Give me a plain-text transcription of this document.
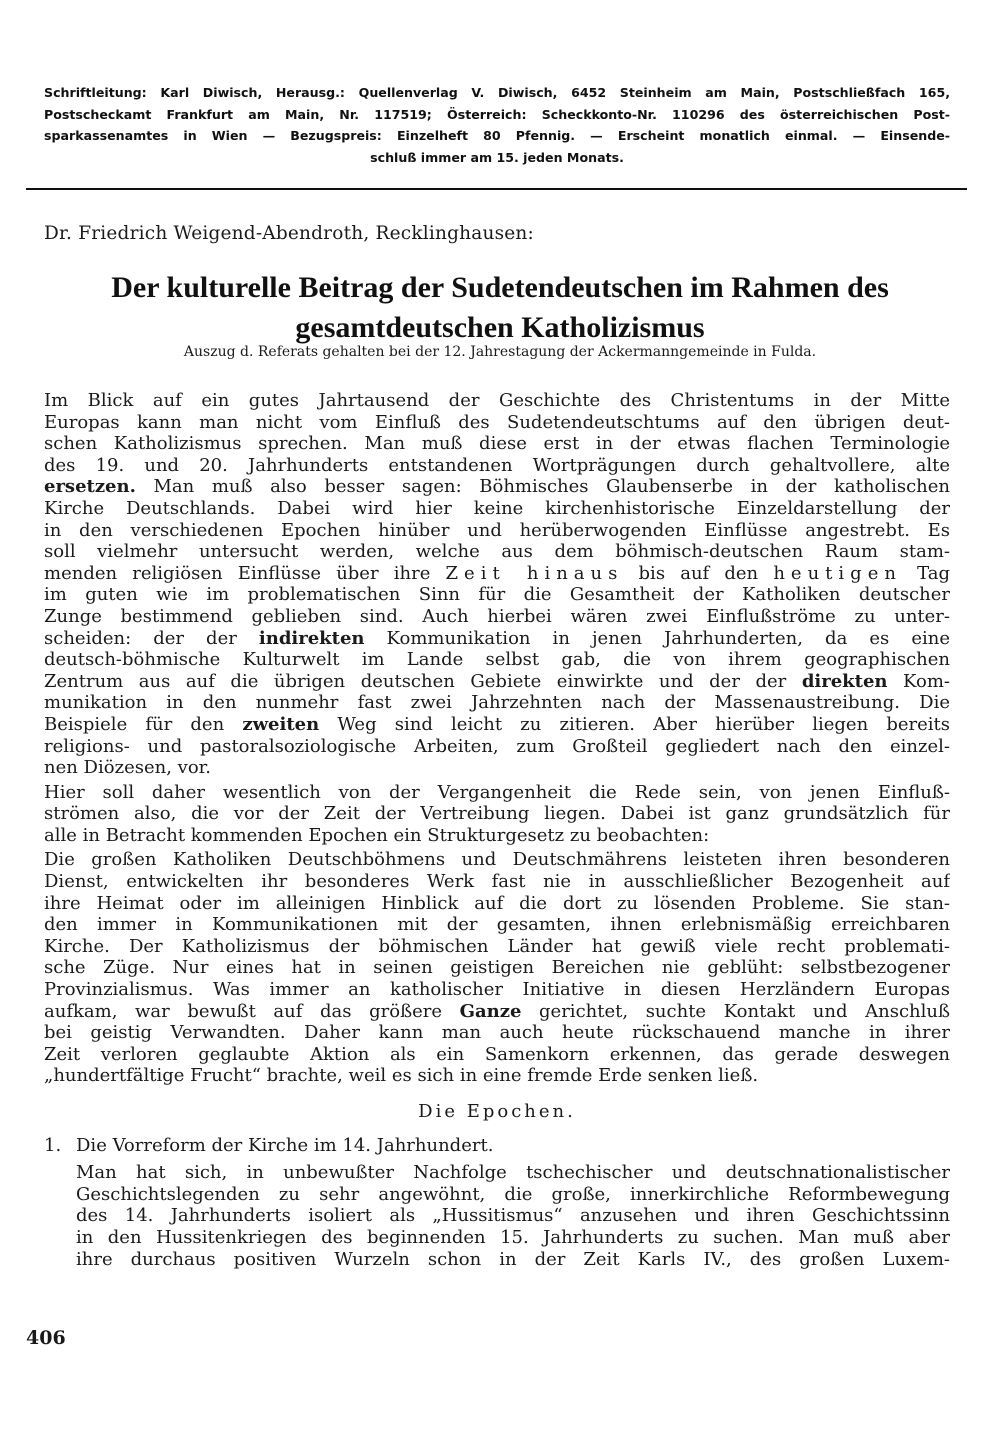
Schriftleitung: Karl Diwisch, Herausg.: Quellenverlag V. Diwisch, 6452 Steinheim am Main, Postschließfach 165,
Postscheckamt Frankfurt am Main, Nr. 117519; Österreich: Scheckkonto-Nr. 110296 des österreichischen Post-
sparkassenamtes in Wien — Bezugspreis: Einzelheft 80 Pfennig. — Erscheint monatlich einmal. — Einsende-
schluß immer am 15. jeden Monats.
Dr. Friedrich Weigend-Abendroth, Recklinghausen:
Der kulturelle Beitrag der Sudetendeutschen im Rahmen des
gesamtdeutschen Katholizismus
Auszug d. Referats gehalten bei der 12. Jahrestagung der Ackermanngemeinde in Fulda.
Im Blick auf ein gutes Jahrtausend der Geschichte des Christentums in der Mitte
Europas kann man nicht vom Einfluß des Sudetendeutschtums auf den übrigen deut-
schen Katholizismus sprechen. Man muß diese erst in der etwas flachen Terminologie
des 19. und 20. Jahrhunderts entstandenen Wortprägungen durch gehaltvollere, alte
ersetzen. Man muß also besser sagen: Böhmisches Glaubenserbe in der katholischen
Kirche Deutschlands. Dabei wird hier keine kirchenhistorische Einzeldarstellung der
in den verschiedenen Epochen hinüber und herüberwogenden Einflüsse angestrebt. Es
soll vielmehr untersucht werden, welche aus dem böhmisch-deutschen Raum stam-
menden religiösen Einflüsse über ihre Zeit hinaus bis auf den heutigen Tag
im guten wie im problematischen Sinn für die Gesamtheit der Katholiken deutscher
Zunge bestimmend geblieben sind. Auch hierbei wären zwei Einflußströme zu unter-
scheiden: der der indirekten Kommunikation in jenen Jahrhunderten, da es eine
deutsch-böhmische Kulturwelt im Lande selbst gab, die von ihrem geographischen
Zentrum aus auf die übrigen deutschen Gebiete einwirkte und der der direkten Kom-
munikation in den nunmehr fast zwei Jahrzehnten nach der Massenaustreibung. Die
Beispiele für den zweiten Weg sind leicht zu zitieren. Aber hierüber liegen bereits
religions- und pastoralsoziologische Arbeiten, zum Großteil gegliedert nach den einzel-
nen Diözesen, vor.
Hier soll daher wesentlich von der Vergangenheit die Rede sein, von jenen Einfluß-
strömen also, die vor der Zeit der Vertreibung liegen. Dabei ist ganz grundsätzlich für
alle in Betracht kommenden Epochen ein Strukturgesetz zu beobachten:
Die großen Katholiken Deutschböhmens und Deutschmährens leisteten ihren besonderen
Dienst, entwickelten ihr besonderes Werk fast nie in ausschließlicher Bezogenheit auf
ihre Heimat oder im alleinigen Hinblick auf die dort zu lösenden Probleme. Sie stan-
den immer in Kommunikationen mit der gesamten, ihnen erlebnismäßig erreichbaren
Kirche. Der Katholizismus der böhmischen Länder hat gewiß viele recht problemati-
sche Züge. Nur eines hat in seinen geistigen Bereichen nie geblüht: selbstbezogener
Provinzialismus. Was immer an katholischer Initiative in diesen Herzländern Europas
aufkam, war bewußt auf das größere Ganze gerichtet, suchte Kontakt und Anschluß
bei geistig Verwandten. Daher kann man auch heute rückschauend manche in ihrer
Zeit verloren geglaubte Aktion als ein Samenkorn erkennen, das gerade deswegen
„hundertfältige Frucht“ brachte, weil es sich in eine fremde Erde senken ließ.
Die Epochen.
1. Die Vorreform der Kirche im 14. Jahrhundert.
Man hat sich, in unbewußter Nachfolge tschechischer und deutschnationalistischer
Geschichtslegenden zu sehr angewöhnt, die große, innerkirchliche Reformbewegung
des 14. Jahrhunderts isoliert als „Hussitismus“ anzusehen und ihren Geschichtssinn
in den Hussitenkriegen des beginnenden 15. Jahrhunderts zu suchen. Man muß aber
ihre durchaus positiven Wurzeln schon in der Zeit Karls IV., des großen Luxem-
406
